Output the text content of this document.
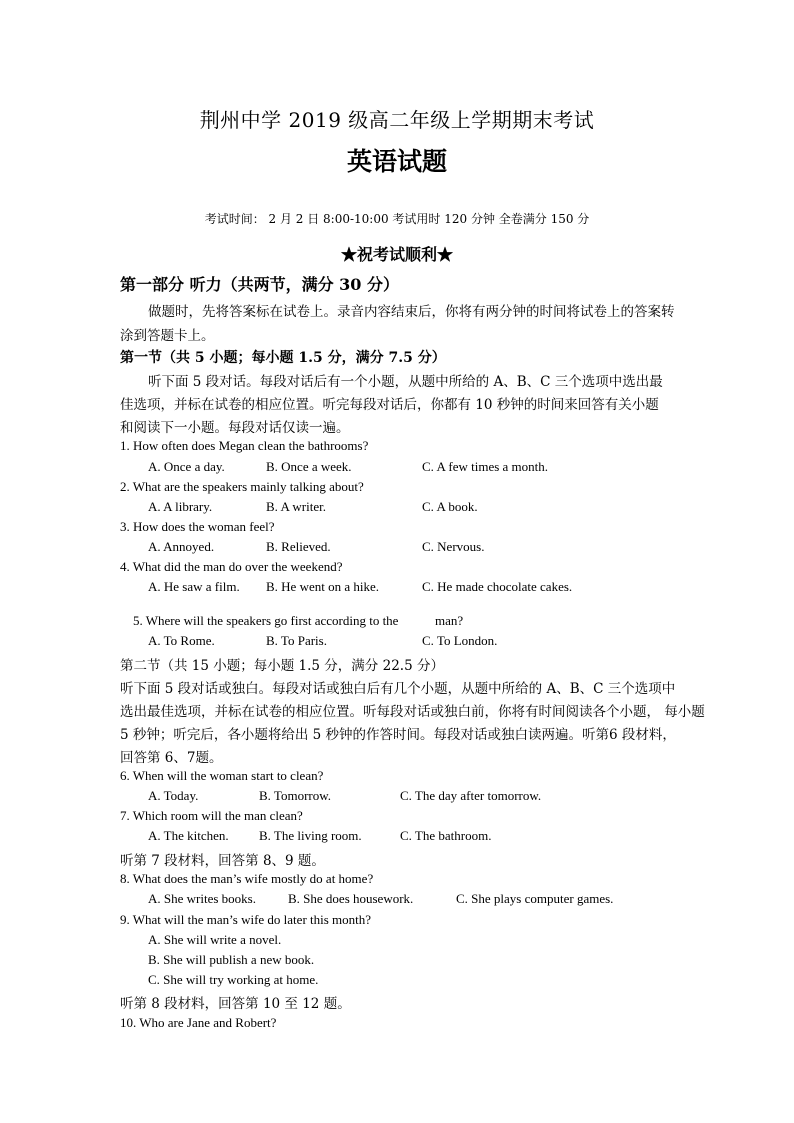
荆州中学 2019 级高二年级上学期期末考试
英语试题
考试时间： 2 月 2 日 8:00-10:00 考试用时 120 分钟 全卷满分 150 分
★祝考试顺利★
第一部分 听力（共两节，满分 30 分）
做题时，先将答案标在试卷上。录音内容结束后，你将有两分钟的时间将试卷上的答案转
涂到答题卡上。
第一节（共 5 小题；每小题 1.5 分，满分 7.5 分）
听下面 5 段对话。每段对话后有一个小题，从题中所给的 A、B、C 三个选项中选出最
佳选项，并标在试卷的相应位置。听完每段对话后，你都有 10 秒钟的时间来回答有关小题
和阅读下一小题。每段对话仅读一遍。
1. How often does Megan clean the bathrooms?
A. Once a day.	B. Once a week.	C. A few times a month.
2. What are the speakers mainly talking about?
A. A library.	B. A writer.	C. A book.
3. How does the woman feel?
A. Annoyed.	B. Relieved.	C. Nervous.
4. What did the man do over the weekend?
A. He saw a film. B. He went on a hike.	C. He made chocolate cakes.
5. Where will the speakers go first according to the	man?
A. To Rome.	B. To Paris.	C. To London.
第二节（共 15 小题；每小题 1.5 分，满分 22.5 分）
听下面 5 段对话或独白。每段对话或独白后有几个小题，从题中所给的 A、B、C 三个选项中
选出最佳选项，并标在试卷的相应位置。听每段对话或独白前，你将有时间阅读各个小题， 每小题
5 秒钟；听完后，各小题将给出 5 秒钟的作答时间。每段对话或独白读两遍。听第6 段材料，
回答第 6、7题。
6. When will the woman start to clean?
A. Today.	B. Tomorrow.	C. The day after tomorrow.
7. Which room will the man clean?
A. The kitchen. B. The living room.	C. The bathroom.
听第 7 段材料，回答第 8、9 题。
8. What does the man’s wife mostly do at home?
A. She writes books. B. She does housework.	C. She plays computer games.
9. What will the man’s wife do later this month?
A. She will write a novel.
B. She will publish a new book.
C. She will try working at home.
听第 8 段材料，回答第 10 至 12 题。
10. Who are Jane and Robert?
